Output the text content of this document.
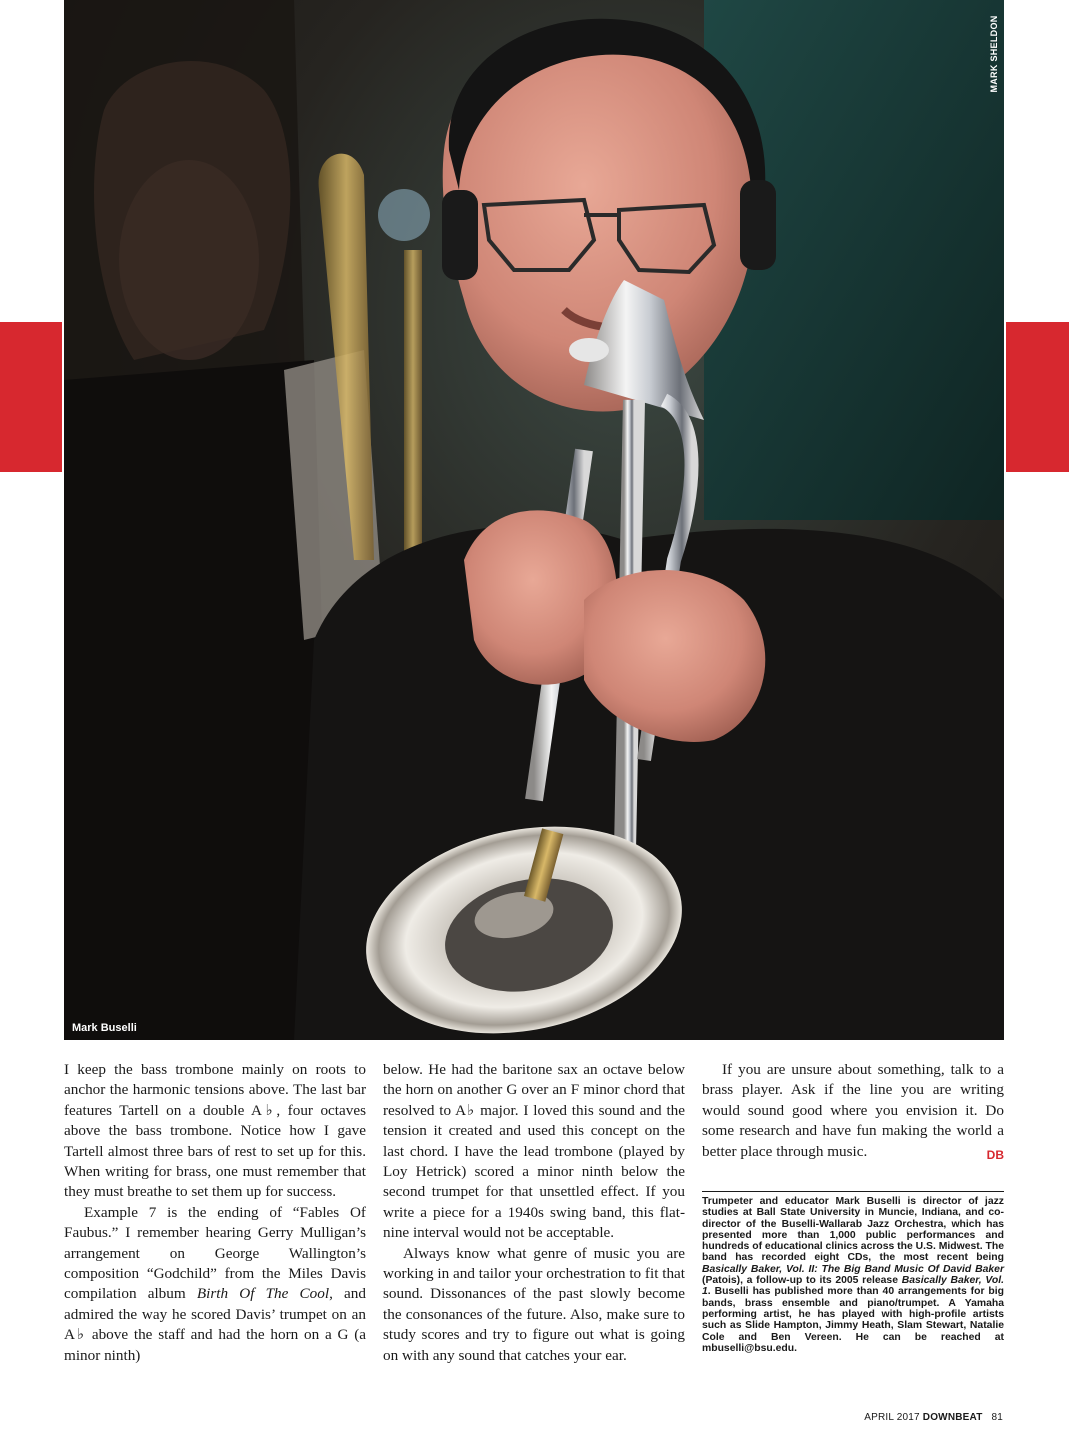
MARK SHELDON
Mark Buselli

I keep the bass trombone mainly on roots to anchor the harmonic tensions above. The last bar features Tartell on a double A♭, four octaves above the bass trombone. Notice how I gave Tartell almost three bars of rest to set up for this. When writing for brass, one must remember that they must breathe to set them up for success.

Example 7 is the ending of “Fables Of Faubus.” I remember hearing Gerry Mulligan’s arrangement on George Wallington’s composition “Godchild” from the Miles Davis compilation album Birth Of The Cool, and admired the way he scored Davis’ trumpet on an A♭ above the staff and had the horn on a G (a minor ninth)

below. He had the baritone sax an octave below the horn on another G over an F minor chord that resolved to A♭ major. I loved this sound and the tension it created and used this concept on the last chord. I have the lead trombone (played by Loy Hetrick) scored a minor ninth below the second trumpet for that unsettled effect. If you write a piece for a 1940s swing band, this flat-nine interval would not be acceptable.

Always know what genre of music you are working in and tailor your orchestration to fit that sound. Dissonances of the past slowly become the consonances of the future. Also, make sure to study scores and try to figure out what is going on with any sound that catches your ear.

If you are unsure about something, talk to a brass player. Ask if the line you are writing would sound good where you envision it. Do some research and have fun making the world a better place through music.	DB

Trumpeter and educator Mark Buselli is director of jazz studies at Ball State University in Muncie, Indiana, and co-director of the Buselli-Wallarab Jazz Orchestra, which has presented more than 1,000 public performances and hundreds of educational clinics across the U.S. Midwest. The band has recorded eight CDs, the most recent being Basically Baker, Vol. II: The Big Band Music Of David Baker (Patois), a follow-up to its 2005 release Basically Baker, Vol. 1. Buselli has published more than 40 arrangements for big bands, brass ensemble and piano/trumpet. A Yamaha performing artist, he has played with high-profile artists such as Slide Hampton, Jimmy Heath, Slam Stewart, Natalie Cole and Ben Vereen. He can be reached at mbuselli@bsu.edu.
APRIL 2017 DOWNBEAT 81
